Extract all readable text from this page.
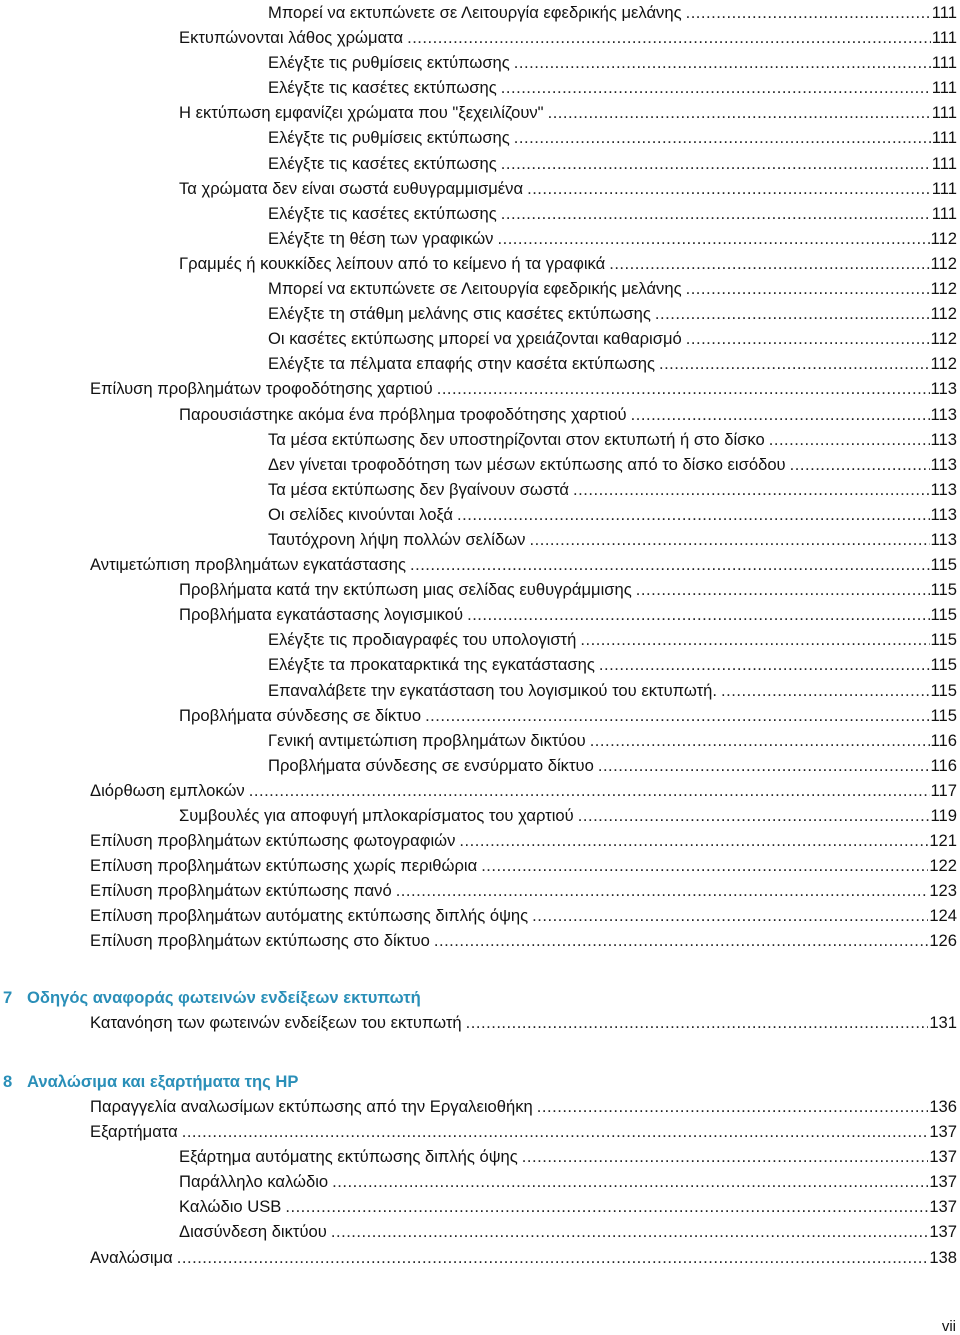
Μπορεί να εκτυπώνετε σε Λειτουργία εφεδρικής μελάνης .....	111
Εκτυπώνονται λάθος χρώματα .....	111
Ελέγξτε τις ρυθμίσεις εκτύπωσης .....	111
Ελέγξτε τις κασέτες εκτύπωσης .....	111
Η εκτύπωση εμφανίζει χρώματα που "ξεχειλίζουν" .....	111
Ελέγξτε τις ρυθμίσεις εκτύπωσης .....	111
Ελέγξτε τις κασέτες εκτύπωσης .....	111
Τα χρώματα δεν είναι σωστά ευθυγραμμισμένα .....	111
Ελέγξτε τις κασέτες εκτύπωσης .....	111
Ελέγξτε τη θέση των γραφικών .....	112
Γραμμές ή κουκκίδες λείπουν από το κείμενο ή τα γραφικά .....	112
Μπορεί να εκτυπώνετε σε Λειτουργία εφεδρικής μελάνης .....	112
Ελέγξτε τη στάθμη μελάνης στις κασέτες εκτύπωσης .....	112
Οι κασέτες εκτύπωσης μπορεί να χρειάζονται καθαρισμό .....	112
Ελέγξτε τα πέλματα επαφής στην κασέτα εκτύπωσης .....	112
Επίλυση προβλημάτων τροφοδότησης χαρτιού .....	113
Παρουσιάστηκε ακόμα ένα πρόβλημα τροφοδότησης χαρτιού .....	113
Τα μέσα εκτύπωσης δεν υποστηρίζονται στον εκτυπωτή ή στο δίσκο .....	113
Δεν γίνεται τροφοδότηση των μέσων εκτύπωσης από το δίσκο εισόδου .....	113
Τα μέσα εκτύπωσης δεν βγαίνουν σωστά .....	113
Οι σελίδες κινούνται λοξά .....	113
Ταυτόχρονη λήψη πολλών σελίδων .....	113
Αντιμετώπιση προβλημάτων εγκατάστασης .....	115
Προβλήματα κατά την εκτύπωση μιας σελίδας ευθυγράμμισης .....	115
Προβλήματα εγκατάστασης λογισμικού .....	115
Ελέγξτε τις προδιαγραφές του υπολογιστή .....	115
Ελέγξτε τα προκαταρκτικά της εγκατάστασης .....	115
Επαναλάβετε την εγκατάσταση του λογισμικού του εκτυπωτή. .....	115
Προβλήματα σύνδεσης σε δίκτυο .....	115
Γενική αντιμετώπιση προβλημάτων δικτύου .....	116
Προβλήματα σύνδεσης σε ενσύρματο δίκτυο .....	116
Διόρθωση εμπλοκών .....	117
Συμβουλές για αποφυγή μπλοκαρίσματος του χαρτιού .....	119
Επίλυση προβλημάτων εκτύπωσης φωτογραφιών .....	121
Επίλυση προβλημάτων εκτύπωσης χωρίς περιθώρια .....	122
Επίλυση προβλημάτων εκτύπωσης πανό .....	123
Επίλυση προβλημάτων αυτόματης εκτύπωσης διπλής όψης .....	124
Επίλυση προβλημάτων εκτύπωσης στο δίκτυο .....	126
7 Οδηγός αναφοράς φωτεινών ενδείξεων εκτυπωτή
Κατανόηση των φωτεινών ενδείξεων του εκτυπωτή .....	131
8 Αναλώσιμα και εξαρτήματα της HP
Παραγγελία αναλωσίμων εκτύπωσης από την Εργαλειοθήκη .....	136
Εξαρτήματα .....	137
Εξάρτημα αυτόματης εκτύπωσης διπλής όψης .....	137
Παράλληλο καλώδιο .....	137
Καλώδιο USB .....	137
Διασύνδεση δικτύου .....	137
Αναλώσιμα .....	138
vii
